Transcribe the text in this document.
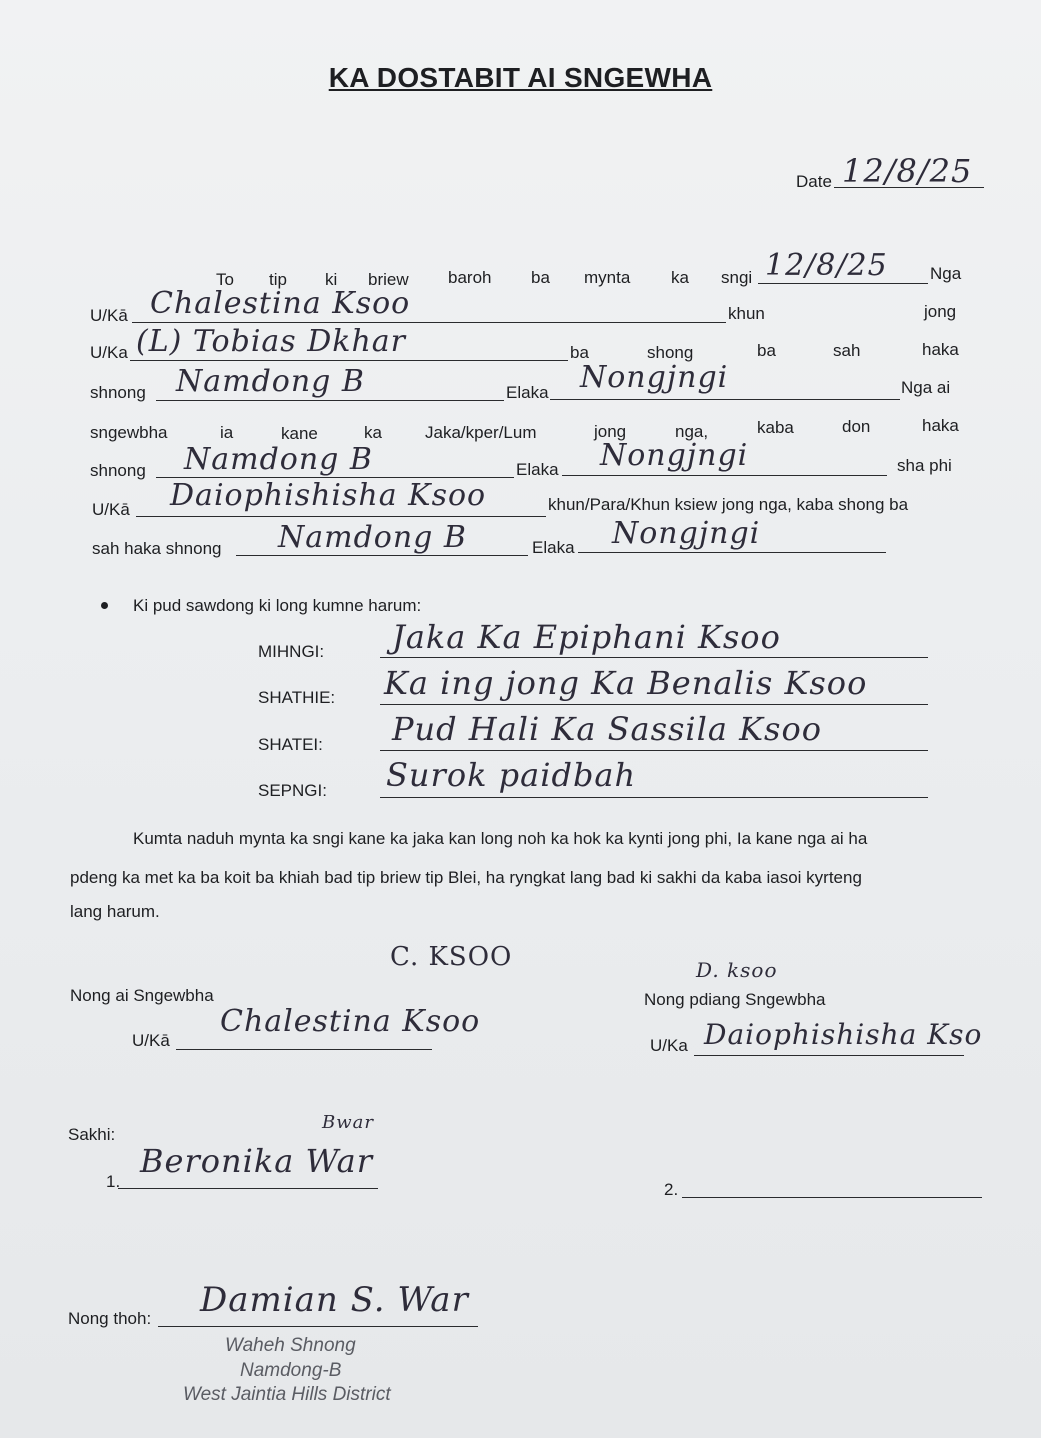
KA DOSTABIT AI SNGEWHA
Date 12/8/25
To tip ki briew baroh ba mynta ka sngi 12/8/25 Nga
U/Kā Chalestina Ksoo	khun	jong
U/Ka (L) Tobias Dkhar	ba	shong	ba	sah	haka
shnong Namdong B	Elaka Nongjngi	Nga ai
sngewbha	ia	kane	ka	Jaka/kper/Lum	jong	nga,	kaba	don	haka
shnong Namdong B	Elaka Nongjngi	sha phi
U/Kā Daiophishisha Ksoo	khun/Para/Khun ksiew jong nga, kaba shong ba
sah haka shnong Namdong B	Elaka Nongjngi
Ki pud sawdong ki long kumne harum:
MIHNGI: Jaka Ka Epiphani Ksoo
SHATHIE: Ka ing jong Ka Benalis Ksoo
SHATEI: Pud Hali Ka Sassila Ksoo
SEPNGI: Surok paidbah
Kumta naduh mynta ka sngi kane ka jaka kan long noh ka hok ka kynti jong phi, Ia kane nga ai ha
pdeng ka met ka ba koit ba khiah bad tip briew tip Blei, ha ryngkat lang bad ki sakhi da kaba iasoi kyrteng
lang harum.
C. KSOO
Nong ai Sngewbha
U/Kā
Chalestina Ksoo
D. ksoo
Nong pdiang Sngewbha
U/Ka Daiophishisha Kso
Sakhi:
Bwar
1.
Beronika War
2.
Nong thoh: Damian S. War
Waheh Shnong
Namdong-B
West Jaintia Hills District
